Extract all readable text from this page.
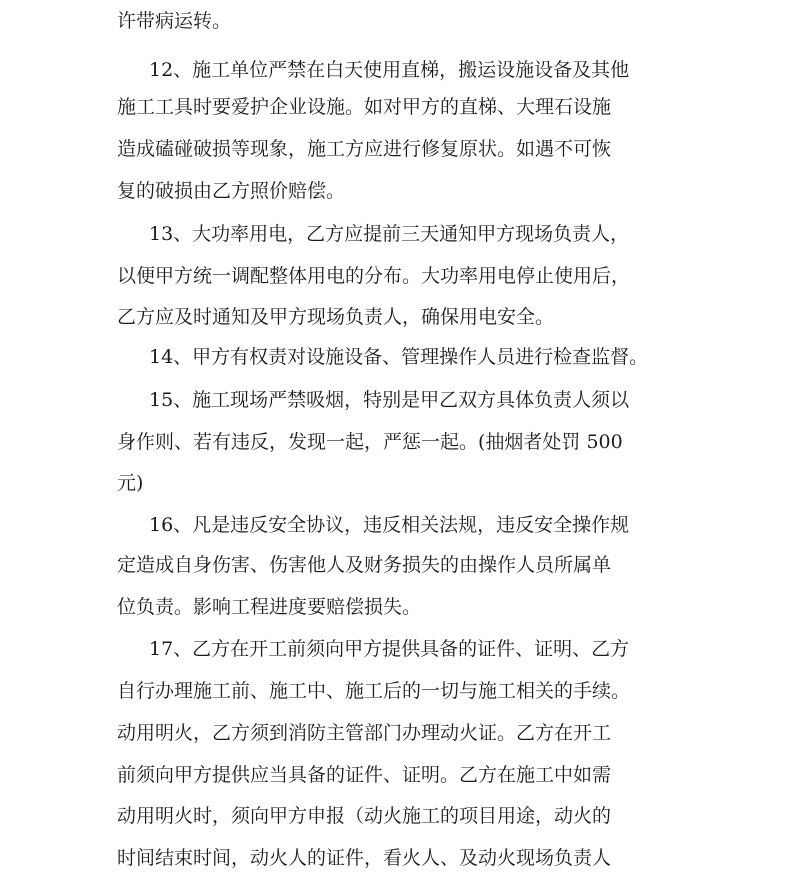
许带病运转。
12、施工单位严禁在白天使用直梯，搬运设施设备及其他
施工工具时要爱护企业设施。如对甲方的直梯、大理石设施
造成磕碰破损等现象，施工方应进行修复原状。如遇不可恢
复的破损由乙方照价赔偿。
13、大功率用电，乙方应提前三天通知甲方现场负责人，
以便甲方统一调配整体用电的分布。大功率用电停止使用后，
乙方应及时通知及甲方现场负责人，确保用电安全。
14、甲方有权责对设施设备、管理操作人员进行检查监督。
15、施工现场严禁吸烟，特别是甲乙双方具体负责人须以
身作则、若有违反，发现一起，严惩一起。(抽烟者处罚 500
元)
16、凡是违反安全协议，违反相关法规，违反安全操作规
定造成自身伤害、伤害他人及财务损失的由操作人员所属单
位负责。影响工程进度要赔偿损失。
17、乙方在开工前须向甲方提供具备的证件、证明、乙方
自行办理施工前、施工中、施工后的一切与施工相关的手续。
动用明火，乙方须到消防主管部门办理动火证。乙方在开工
前须向甲方提供应当具备的证件、证明。乙方在施工中如需
动用明火时，须向甲方申报（动火施工的项目用途，动火的
时间结束时间，动火人的证件，看火人、及动火现场负责人
